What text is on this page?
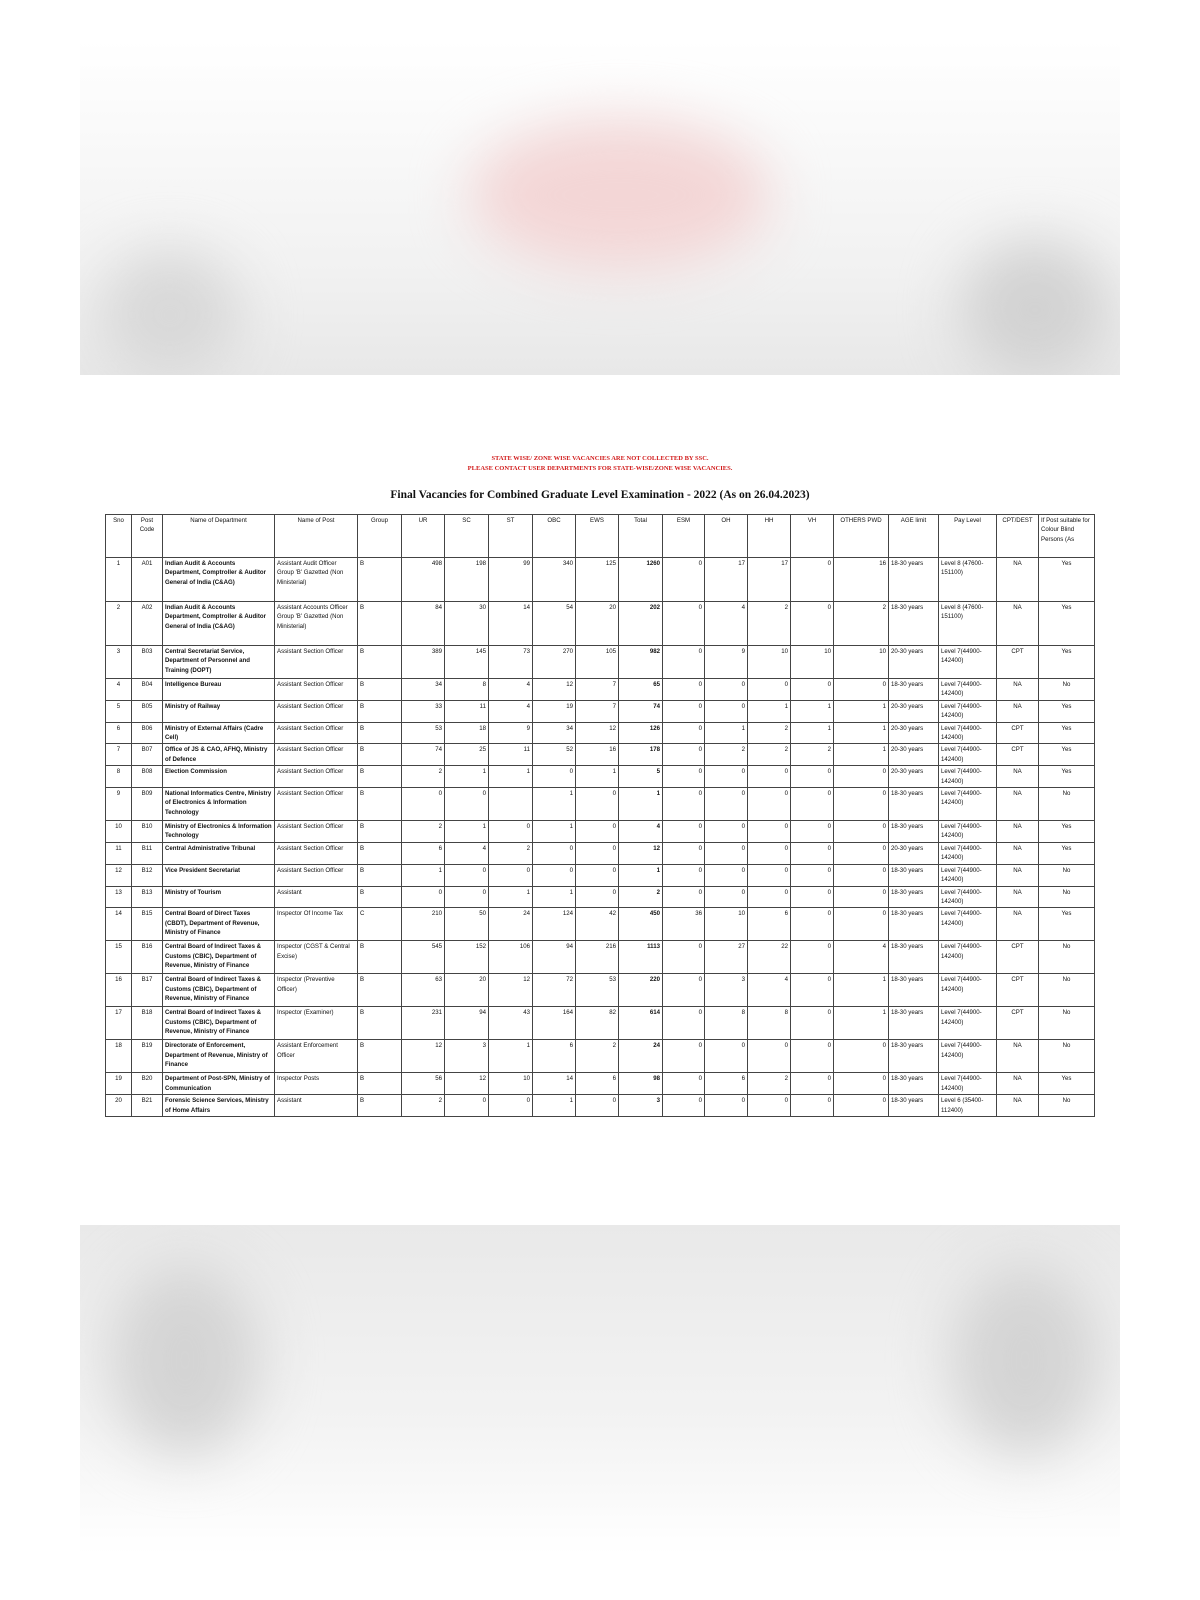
STATE WISE/ ZONE WISE VACANCIES ARE NOT COLLECTED BY SSC.
PLEASE CONTACT USER DEPARTMENTS FOR STATE-WISE/ZONE WISE VACANCIES.
Final Vacancies for Combined Graduate Level Examination - 2022 (As on 26.04.2023)
Sno	Post Code	Name of Department	Name of Post	Group	UR	SC	ST	OBC	EWS	Total	ESM	OH	HH	VH	OTHERS PWD	AGE limit	Pay Level	CPT/DEST	If Post suitable for Colour Blind Persons (As
1	A01	Indian Audit & Accounts Department, Comptroller & Auditor General of India (C&AG)	Assistant Audit Officer Group 'B' Gazetted (Non Ministerial)	B	498	198	99	340	125	1260	0	17	17	0	16	18-30 years	Level 8 (47600-151100)	NA	Yes
2	A02	Indian Audit & Accounts Department, Comptroller & Auditor General of India (C&AG)	Assistant Accounts Officer Group 'B' Gazetted (Non Ministerial)	B	84	30	14	54	20	202	0	4	2	0	2	18-30 years	Level 8 (47600-151100)	NA	Yes
3	B03	Central Secretariat Service, Department of Personnel and Training (DOPT)	Assistant Section Officer	B	389	145	73	270	105	982	0	9	10	10	10	20-30 years	Level 7(44900-142400)	CPT	Yes
4	B04	Intelligence Bureau	Assistant Section Officer	B	34	8	4	12	7	65	0	0	0	0	0	18-30 years	Level 7(44900-142400)	NA	No
5	B05	Ministry of Railway	Assistant Section Officer	B	33	11	4	19	7	74	0	0	1	1	1	20-30 years	Level 7(44900-142400)	NA	Yes
6	B06	Ministry of External Affairs (Cadre Cell)	Assistant Section Officer	B	53	18	9	34	12	126	0	1	2	1	1	20-30 years	Level 7(44900-142400)	CPT	Yes
7	B07	Office of JS & CAO, AFHQ, Ministry of Defence	Assistant Section Officer	B	74	25	11	52	16	178	0	2	2	2	1	20-30 years	Level 7(44900-142400)	CPT	Yes
8	B08	Election Commission	Assistant Section Officer	B	2	1	1	0	1	5	0	0	0	0	0	20-30 years	Level 7(44900-142400)	NA	Yes
9	B09	National Informatics Centre, Ministry of Electronics & Information Technology	Assistant Section Officer	B	0	0		1	0	1	0	0	0	0	0	18-30 years	Level 7(44900-142400)	NA	No
10	B10	Ministry of Electronics & Information Technology	Assistant Section Officer	B	2	1	0	1	0	4	0	0	0	0	0	18-30 years	Level 7(44900-142400)	NA	Yes
11	B11	Central Administrative Tribunal	Assistant Section Officer	B	6	4	2	0	0	12	0	0	0	0	0	20-30 years	Level 7(44900-142400)	NA	Yes
12	B12	Vice President Secretariat	Assistant Section Officer	B	1	0	0	0	0	1	0	0	0	0	0	18-30 years	Level 7(44900-142400)	NA	No
13	B13	Ministry of Tourism	Assistant	B	0	0	1	1	0	2	0	0	0	0	0	18-30 years	Level 7(44900-142400)	NA	No
14	B15	Central Board of Direct Taxes (CBDT), Department of Revenue, Ministry of Finance	Inspector Of Income Tax	C	210	50	24	124	42	450	36	10	6	0	0	18-30 years	Level 7(44900-142400)	NA	Yes
15	B16	Central Board of Indirect Taxes & Customs (CBIC), Department of Revenue, Ministry of Finance	Inspector (CGST & Central Excise)	B	545	152	106	94	216	1113	0	27	22	0	4	18-30 years	Level 7(44900-142400)	CPT	No
16	B17	Central Board of Indirect Taxes & Customs (CBIC), Department of Revenue, Ministry of Finance	Inspector (Preventive Officer)	B	63	20	12	72	53	220	0	3	4	0	1	18-30 years	Level 7(44900-142400)	CPT	No
17	B18	Central Board of Indirect Taxes & Customs (CBIC), Department of Revenue, Ministry of Finance	Inspector (Examiner)	B	231	94	43	164	82	614	0	8	8	0	1	18-30 years	Level 7(44900-142400)	CPT	No
18	B19	Directorate of Enforcement, Department of Revenue, Ministry of Finance	Assistant Enforcement Officer	B	12	3	1	6	2	24	0	0	0	0	0	18-30 years	Level 7(44900-142400)	NA	No
19	B20	Department of Post-SPN, Ministry of Communication	Inspector Posts	B	56	12	10	14	6	98	0	6	2	0	0	18-30 years	Level 7(44900-142400)	NA	Yes
20	B21	Forensic Science Services, Ministry of Home Affairs	Assistant	B	2	0	0	1	0	3	0	0	0	0	0	18-30 years	Level 6 (35400-112400)	NA	No
